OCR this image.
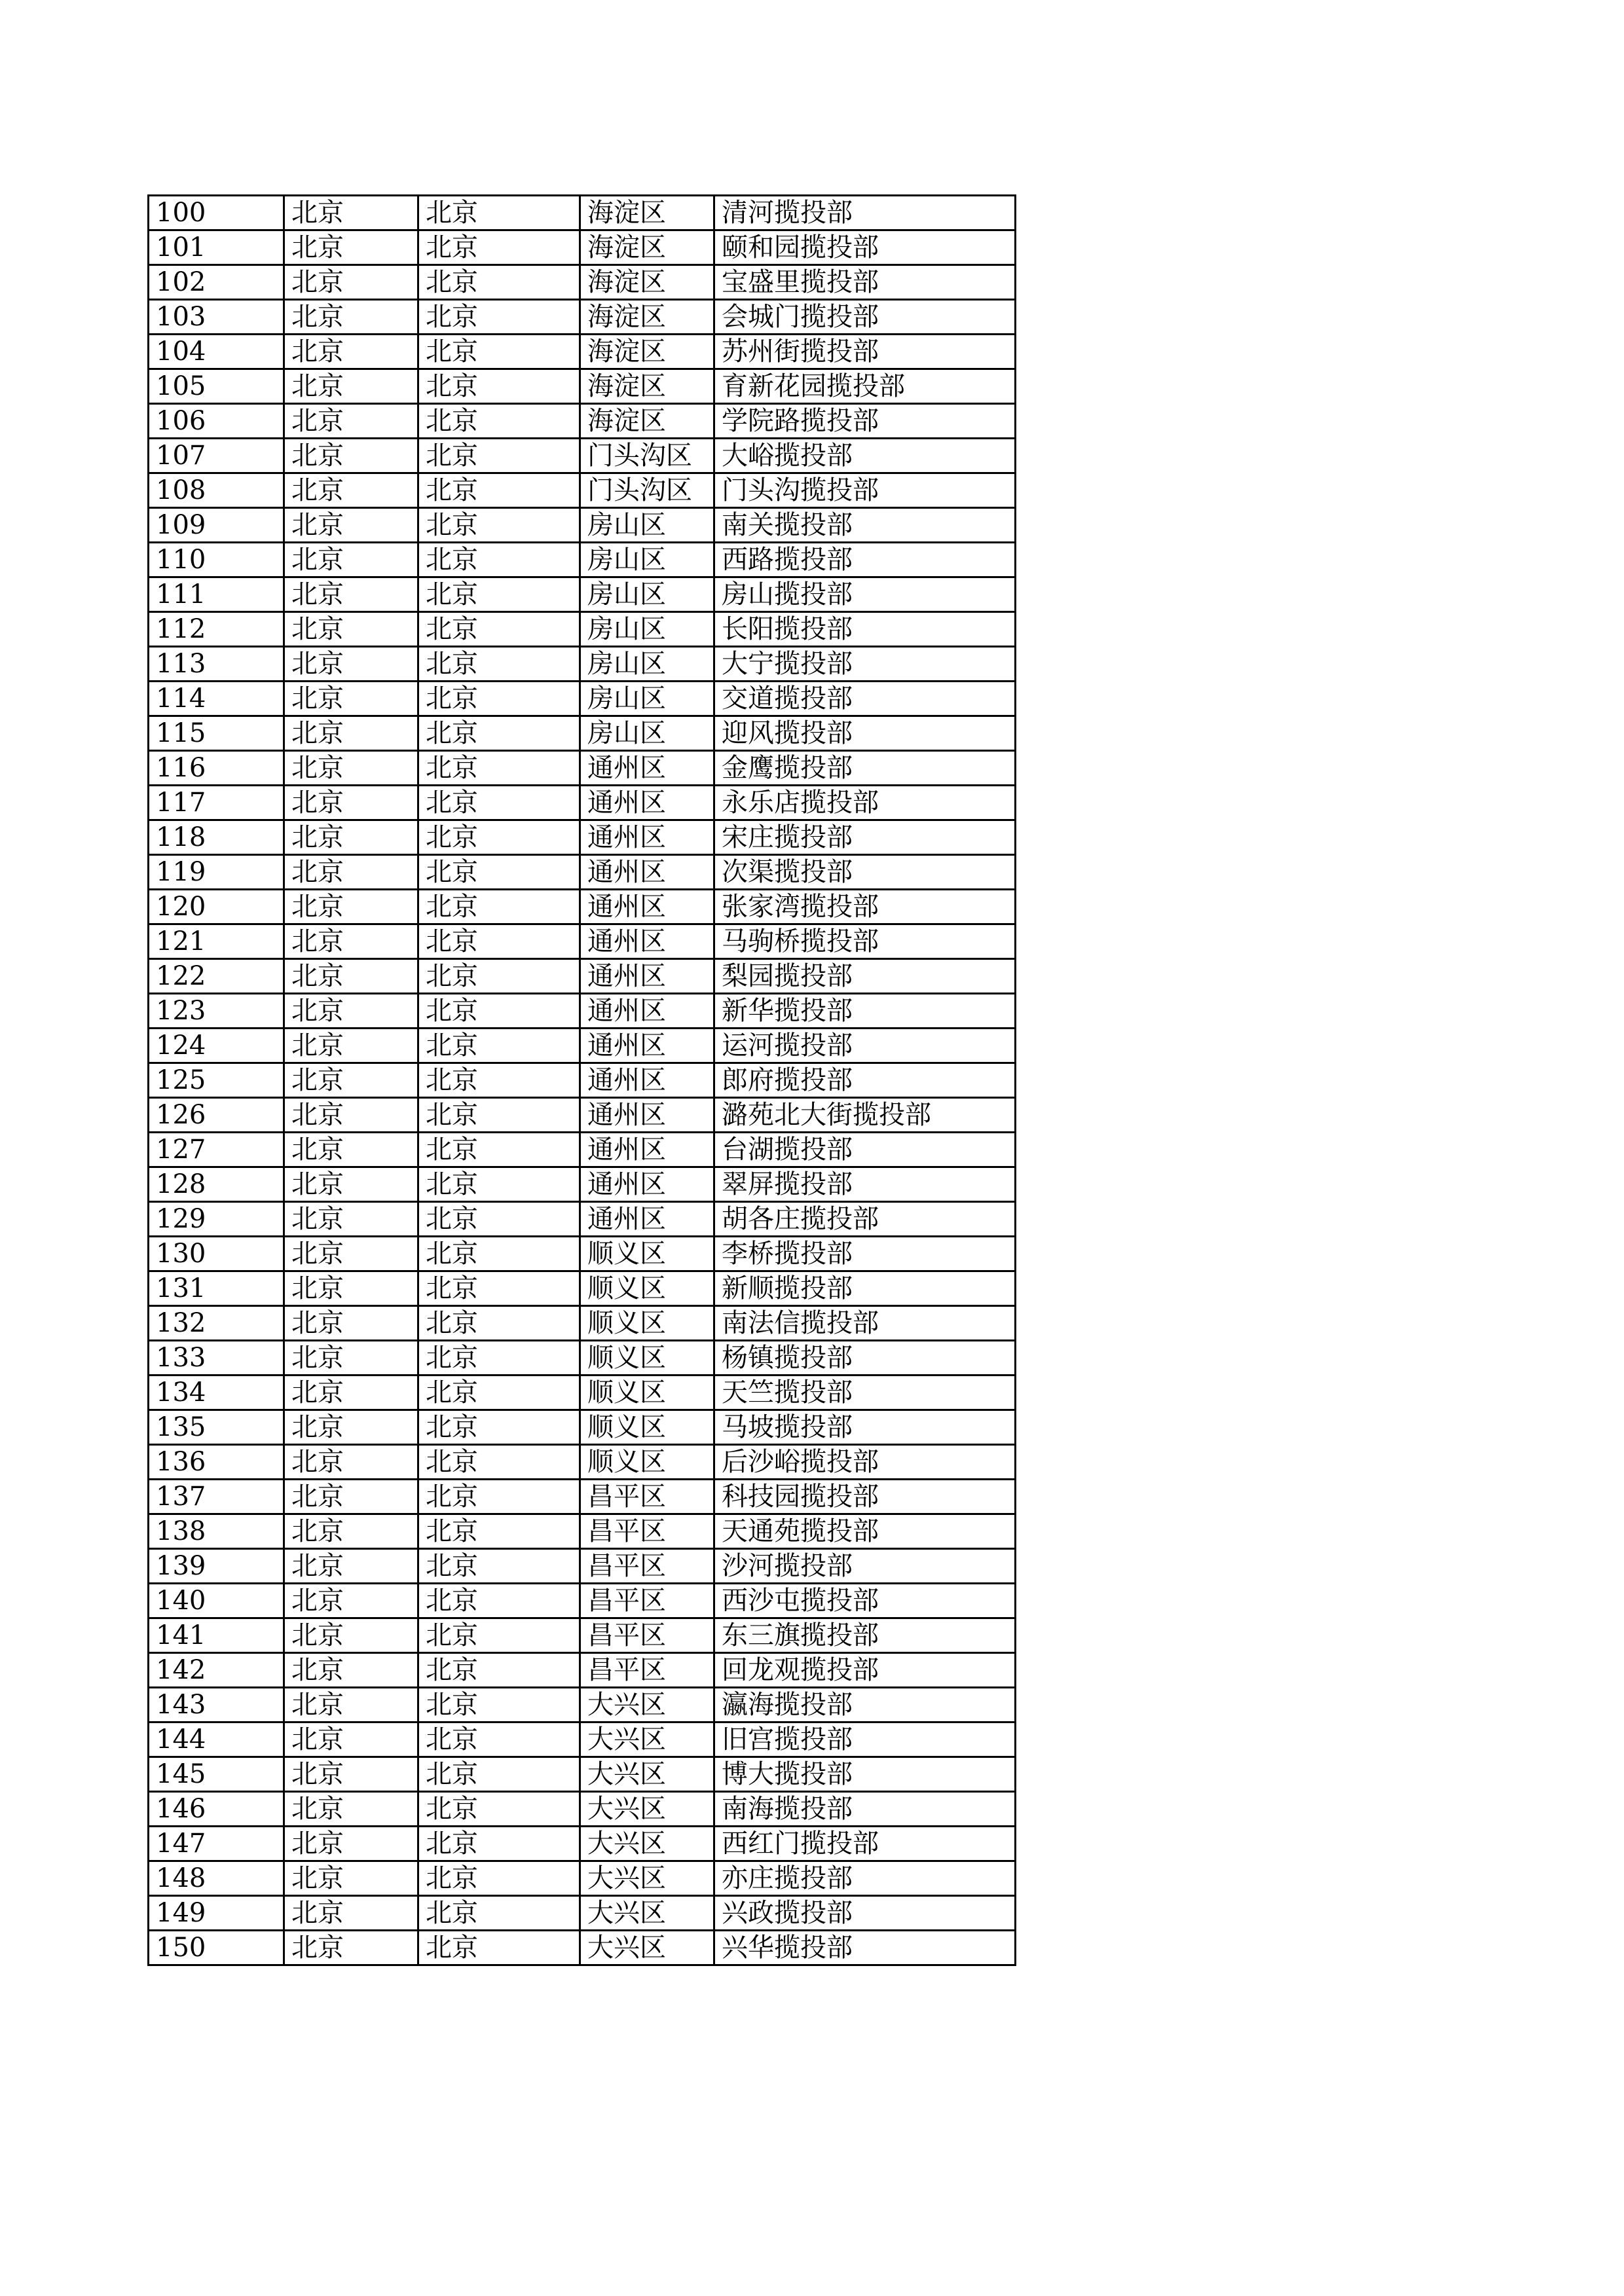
100	北京	北京	海淀区	清河揽投部
101	北京	北京	海淀区	颐和园揽投部
102	北京	北京	海淀区	宝盛里揽投部
103	北京	北京	海淀区	会城门揽投部
104	北京	北京	海淀区	苏州街揽投部
105	北京	北京	海淀区	育新花园揽投部
106	北京	北京	海淀区	学院路揽投部
107	北京	北京	门头沟区	大峪揽投部
108	北京	北京	门头沟区	门头沟揽投部
109	北京	北京	房山区	南关揽投部
110	北京	北京	房山区	西路揽投部
111	北京	北京	房山区	房山揽投部
112	北京	北京	房山区	长阳揽投部
113	北京	北京	房山区	大宁揽投部
114	北京	北京	房山区	交道揽投部
115	北京	北京	房山区	迎风揽投部
116	北京	北京	通州区	金鹰揽投部
117	北京	北京	通州区	永乐店揽投部
118	北京	北京	通州区	宋庄揽投部
119	北京	北京	通州区	次渠揽投部
120	北京	北京	通州区	张家湾揽投部
121	北京	北京	通州区	马驹桥揽投部
122	北京	北京	通州区	梨园揽投部
123	北京	北京	通州区	新华揽投部
124	北京	北京	通州区	运河揽投部
125	北京	北京	通州区	郎府揽投部
126	北京	北京	通州区	潞苑北大街揽投部
127	北京	北京	通州区	台湖揽投部
128	北京	北京	通州区	翠屏揽投部
129	北京	北京	通州区	胡各庄揽投部
130	北京	北京	顺义区	李桥揽投部
131	北京	北京	顺义区	新顺揽投部
132	北京	北京	顺义区	南法信揽投部
133	北京	北京	顺义区	杨镇揽投部
134	北京	北京	顺义区	天竺揽投部
135	北京	北京	顺义区	马坡揽投部
136	北京	北京	顺义区	后沙峪揽投部
137	北京	北京	昌平区	科技园揽投部
138	北京	北京	昌平区	天通苑揽投部
139	北京	北京	昌平区	沙河揽投部
140	北京	北京	昌平区	西沙屯揽投部
141	北京	北京	昌平区	东三旗揽投部
142	北京	北京	昌平区	回龙观揽投部
143	北京	北京	大兴区	瀛海揽投部
144	北京	北京	大兴区	旧宫揽投部
145	北京	北京	大兴区	博大揽投部
146	北京	北京	大兴区	南海揽投部
147	北京	北京	大兴区	西红门揽投部
148	北京	北京	大兴区	亦庄揽投部
149	北京	北京	大兴区	兴政揽投部
150	北京	北京	大兴区	兴华揽投部
